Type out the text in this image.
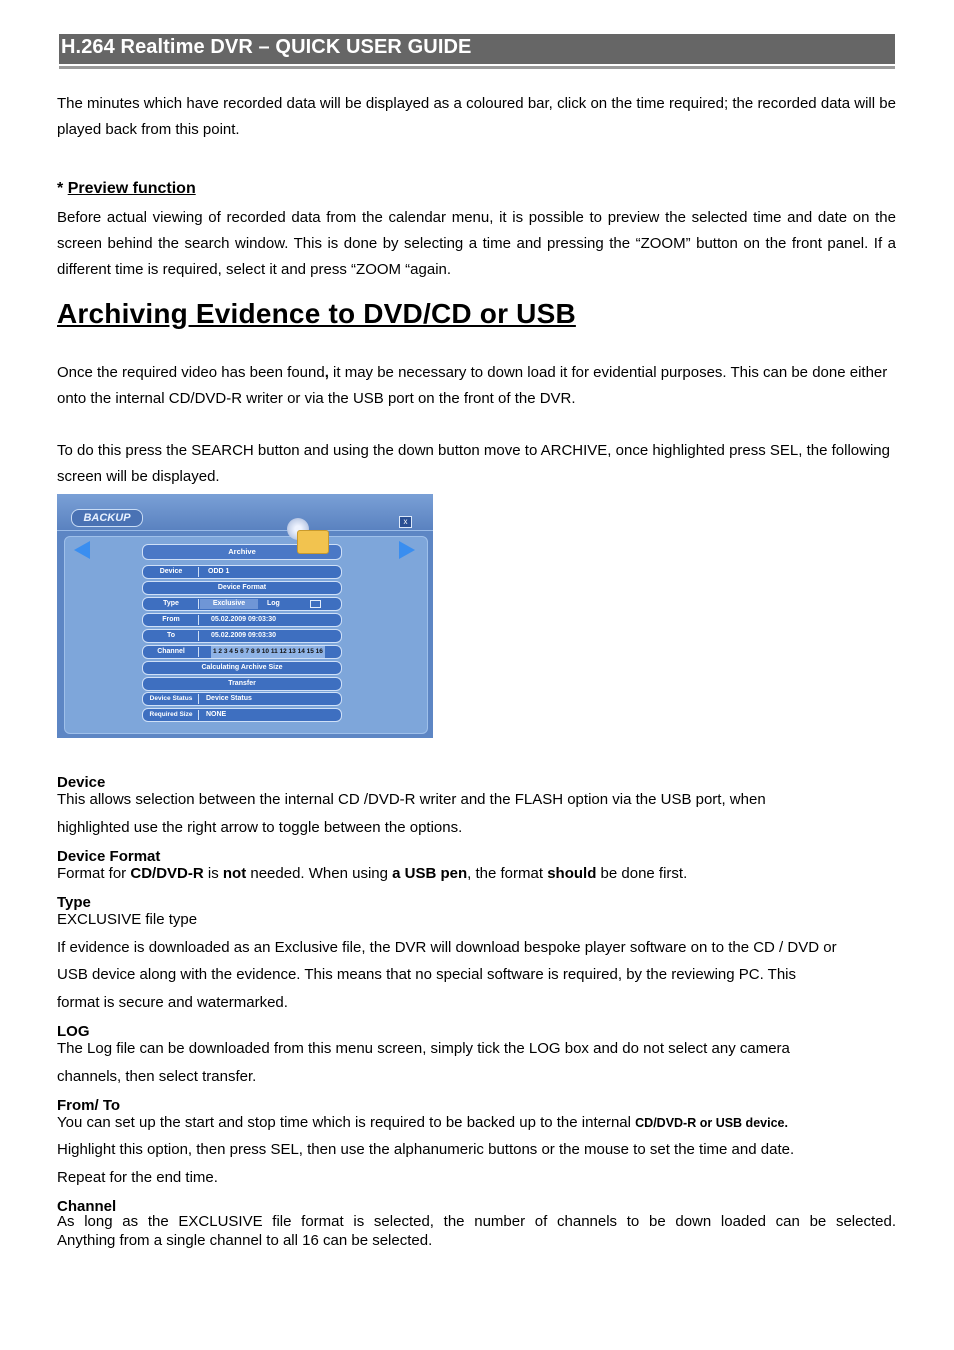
H.264 Realtime DVR – QUICK USER GUIDE
The minutes which have recorded data will be displayed as a coloured bar, click on the time required; the recorded data will be played back from this point.
* Preview function
Before actual viewing of recorded data from the calendar menu, it is possible to preview the selected time and date on the screen behind the search window. This is done by selecting a time and pressing the “ZOOM” button on the front panel. If a different time is required, select it and press “ZOOM “again.
Archiving Evidence to DVD/CD or USB
Once the required video has been found, it may be necessary to down load it for evidential purposes. This can be done either onto the internal CD/DVD-R writer or via the USB port on the front of the DVR.
To do this press the SEARCH button and using the down button move to ARCHIVE, once highlighted press SEL, the following screen will be displayed.
BACKUP	x
Archive
Device	ODD 1
Device Format
Type	Exclusive	Log
From	05.02.2009 09:03:30
To	05.02.2009 09:03:30
Channel	1 2 3 4 5 6 7 8 9 10 11 12 13 14 15 16
Calculating Archive Size
Transfer
Device Status	Device Status
Required Size	NONE
Device
This allows selection between the internal CD /DVD-R writer and the FLASH option via the USB port, when
highlighted use the right arrow to toggle between the options.
Device Format
Format for CD/DVD-R is not needed. When using a USB pen, the format should be done first.
Type
EXCLUSIVE file type
If evidence is downloaded as an Exclusive file, the DVR will download bespoke player software on to the CD / DVD or
USB device along with the evidence. This means that no special software is required, by the reviewing PC. This
format is secure and watermarked.
LOG
The Log file can be downloaded from this menu screen, simply tick the LOG box and do not select any camera
channels, then select transfer.
From/ To
You can set up the start and stop time which is required to be backed up to the internal CD/DVD-R or USB device.
Highlight this option, then press SEL, then use the alphanumeric buttons or the mouse to set the time and date.
Repeat for the end time.
Channel
As long as the EXCLUSIVE file format is selected, the number of channels to be down loaded can be selected.
Anything from a single channel to all 16 can be selected.
